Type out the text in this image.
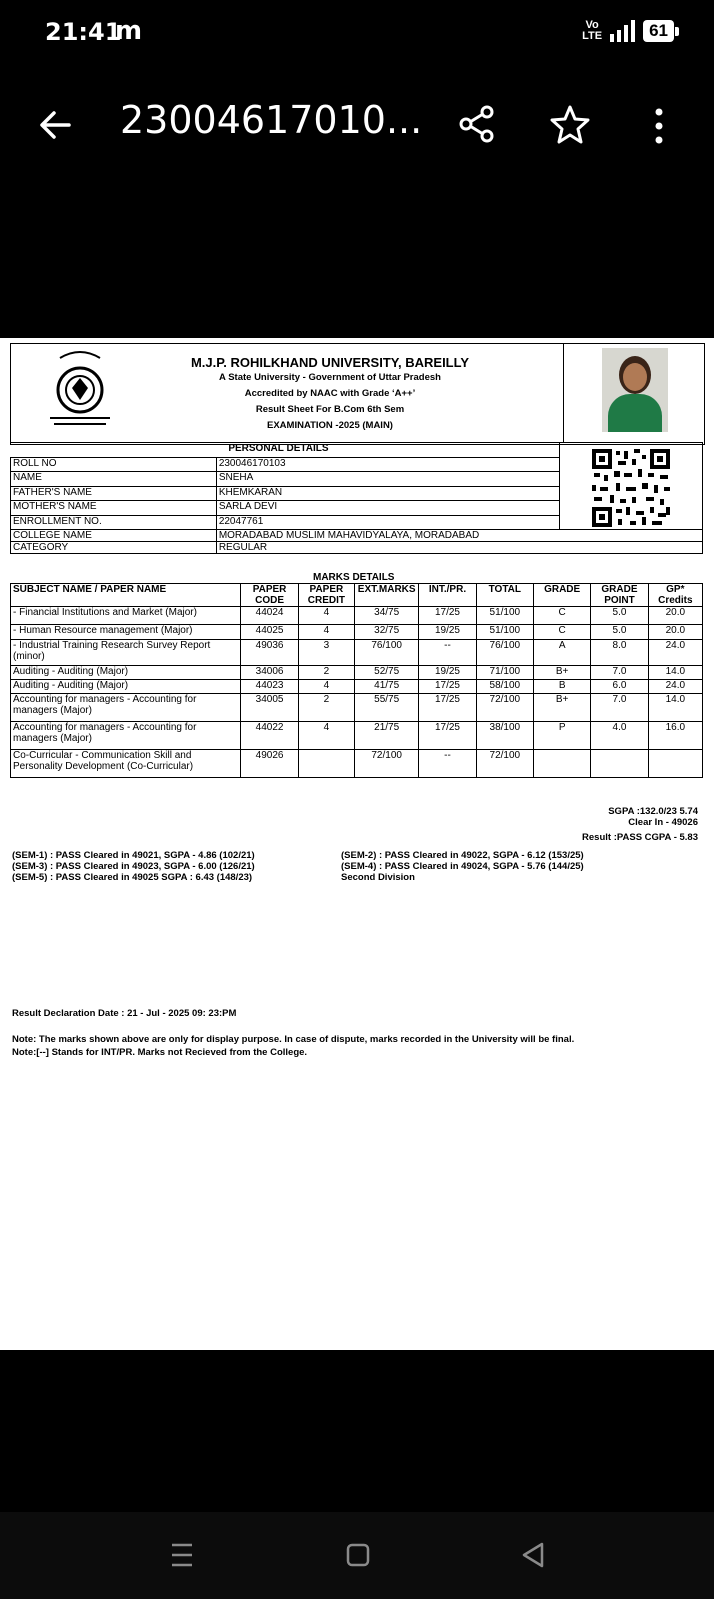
21:41
m	Vo
LTE	61
23004617010...
M.J.P. ROHILKHAND UNIVERSITY, BAREILLY
A State University - Government of Uttar Pradesh
Accredited by NAAC with Grade ‘A++’
Result Sheet For B.Com 6th Sem
EXAMINATION -2025 (MAIN)
	PERSONAL DETAILS	

ROLL NO	230046170103	
NAME	SNEHA	
FATHER'S NAME	KHEMKARAN	
MOTHER'S NAME	SARLA DEVI	
ENROLLMENT NO.	22047761	
COLLEGE NAME	MORADABAD MUSLIM MAHAVIDYALAYA, MORADABAD	
CATEGORY	REGULAR	
MARKS DETAILS
SUBJECT NAME / PAPER NAME	PAPER CODE	PAPER CREDIT	EXT.MARKS	INT./PR.	TOTAL	GRADE	GRADE POINT	GP* Credits
- Financial Institutions and Market (Major)	44024	4	34/75	17/25	51/100	C	5.0	20.0
- Human Resource management (Major)	44025	4	32/75	19/25	51/100	C	5.0	20.0
- Industrial Training Research Survey Report (minor)	49036	3	76/100	--	76/100	A	8.0	24.0
Auditing - Auditing (Major)	34006	2	52/75	19/25	71/100	B+	7.0	14.0
Auditing - Auditing (Major)	44023	4	41/75	17/25	58/100	B	6.0	24.0
Accounting for managers - Accounting for managers (Major)	34005	2	55/75	17/25	72/100	B+	7.0	14.0
Accounting for managers - Accounting for managers (Major)	44022	4	21/75	17/25	38/100	P	4.0	16.0
Co-Curricular - Communication Skill and Personality Development (Co-Curricular)	49026		72/100	--	72/100			
SGPA :132.0/23 5.74
Clear In - 49026
Result :PASS CGPA - 5.83
(SEM-1) : PASS Cleared in 49021, SGPA - 4.86 (102/21)
(SEM-3) : PASS Cleared in 49023, SGPA - 6.00 (126/21)
(SEM-5) : PASS Cleared in 49025 SGPA : 6.43 (148/23)
(SEM-2) : PASS Cleared in 49022, SGPA - 6.12 (153/25)
(SEM-4) : PASS Cleared in 49024, SGPA - 5.76 (144/25)
Second Division
Result Declaration Date : 21 - Jul - 2025 09: 23:PM
Note: The marks shown above are only for display purpose. In case of dispute, marks recorded in the University will be final.
Note:[--] Stands for INT/PR. Marks not Recieved from the College.
